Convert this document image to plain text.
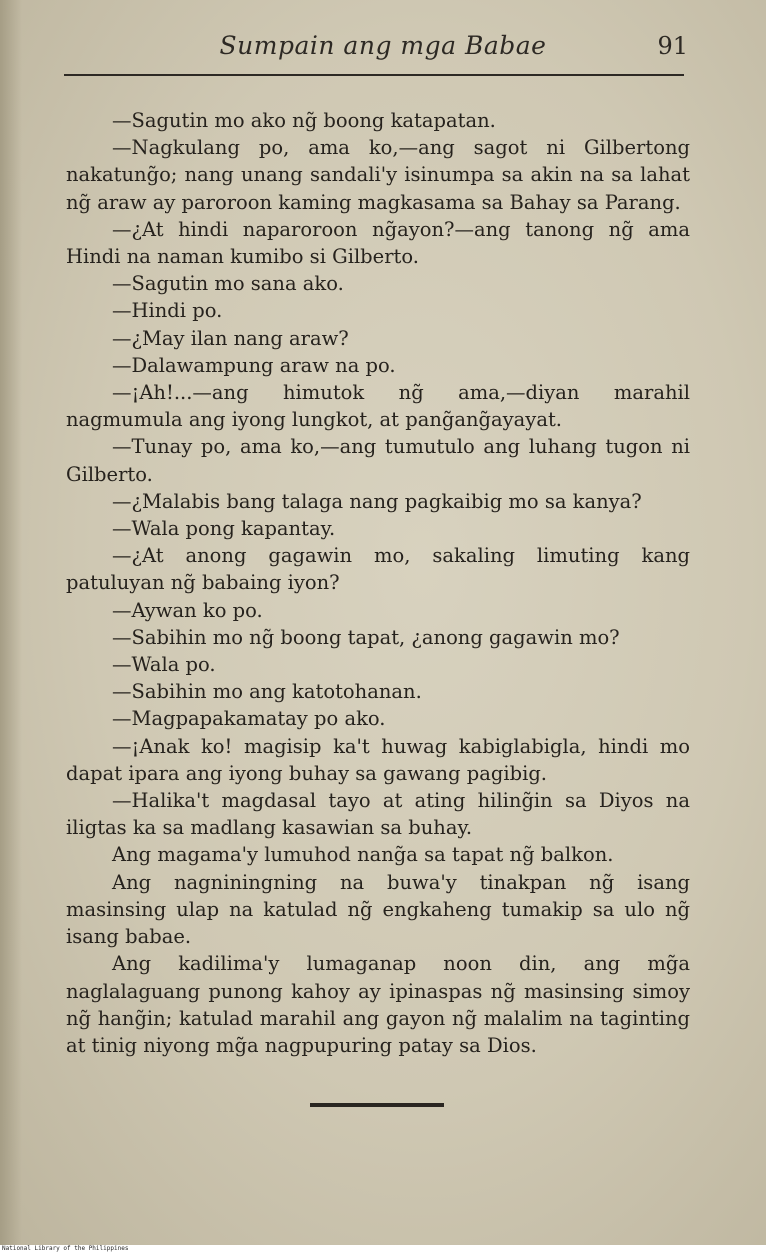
Sumpain ang mga Babae	91

—Sagutin mo ako ng̃ boong katapatan.

—Nagkulang po, ama ko,—ang sagot ni Gilbertong nakatung̃o; nang unang sandali'y isinumpa sa akin na sa lahat ng̃ araw ay paroroon kaming magkasama sa Bahay sa Parang.

—¿At hindi naparoroon ng̃ayon?—ang tanong ng̃ ama Hindi na naman kumibo si Gilberto.

—Sagutin mo sana ako.

—Hindi po.

—¿May ilan nang araw?

—Dalawampung araw na po.

—¡Ah!...—ang himutok ng̃ ama,—diyan marahil nagmumula ang iyong lungkot, at pang̃ang̃ayayat.

—Tunay po, ama ko,—ang tumutulo ang luhang tugon ni Gilberto.

—¿Malabis bang talaga nang pagkaibig mo sa kanya?

—Wala pong kapantay.

—¿At anong gagawin mo, sakaling limuting kang patuluyan ng̃ babaing iyon?

—Aywan ko po.

—Sabihin mo ng̃ boong tapat, ¿anong gagawin mo?

—Wala po.

—Sabihin mo ang katotohanan.

—Magpapakamatay po ako.

—¡Anak ko! magisip ka't huwag kabiglabigla, hindi mo dapat ipara ang iyong buhay sa gawang pagibig.

—Halika't magdasal tayo at ating hiling̃in sa Diyos na iligtas ka sa madlang kasawian sa buhay.

Ang magama'y lumuhod nang̃a sa tapat ng̃ balkon.

Ang nagniningning na buwa'y tinakpan ng̃ isang masinsing ulap na katulad ng̃ engkaheng tumakip sa ulo ng̃ isang babae.

Ang kadilima'y lumaganap noon din, ang mg̃a naglalaguang punong kahoy ay ipinaspas ng̃ masinsing simoy ng̃ hang̃in; katulad marahil ang gayon ng̃ malalim na taginting at tinig niyong mg̃a nagpupuring patay sa Dios.

National Library of the Philippines
